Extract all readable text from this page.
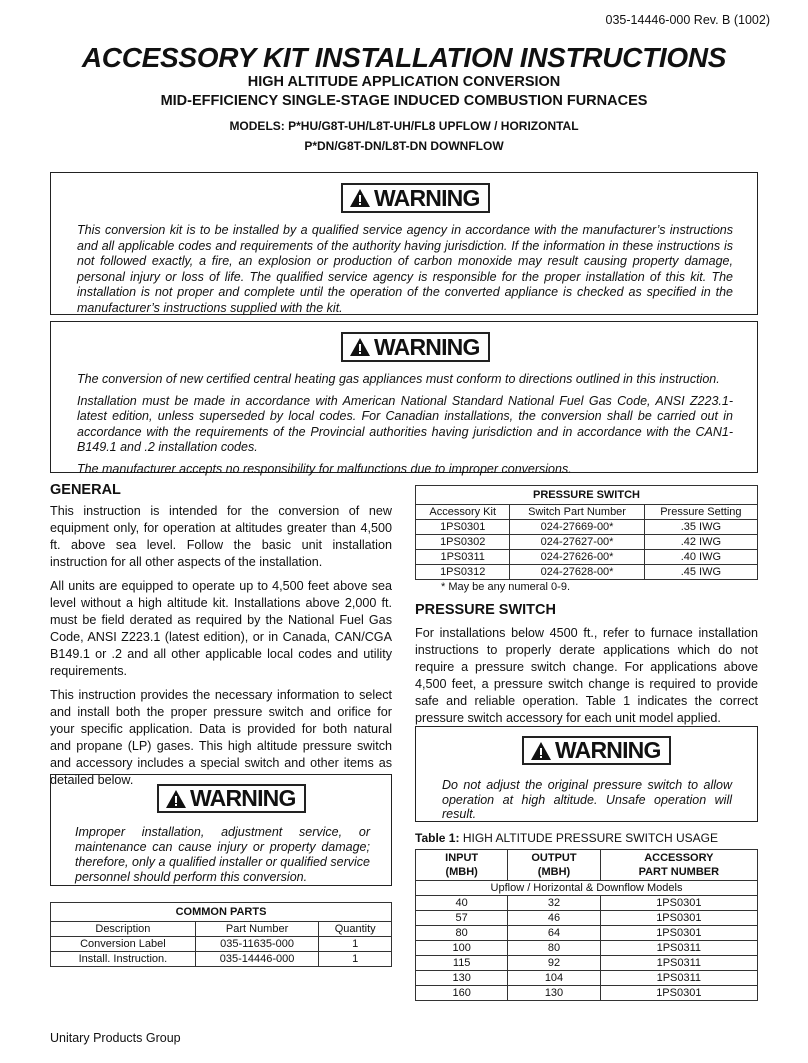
035-14446-000 Rev. B (1002)
ACCESSORY KIT INSTALLATION INSTRUCTIONS
HIGH ALTITUDE APPLICATION CONVERSION
MID-EFFICIENCY SINGLE-STAGE INDUCED COMBUSTION FURNACES
MODELS: P*HU/G8T-UH/L8T-UH/FL8 UPFLOW / HORIZONTAL
P*DN/G8T-DN/L8T-DN DOWNFLOW
WARNING
This conversion kit is to be installed by a qualified service agency in accordance with the manufacturer’s instructions and all applicable codes and requirements of the authority having jurisdiction. If the information in these instructions is not followed exactly, a fire, an explosion or production of carbon monoxide may result causing property damage, personal injury or loss of life. The qualified service agency is responsible for the proper installation of this kit. The installation is not proper and complete until the operation of the converted appliance is checked as specified in the manufacturer’s instructions supplied with the kit.
WARNING

The conversion of new certified central heating gas appliances must conform to directions outlined in this instruction.

Installation must be made in accordance with American National Standard National Fuel Gas Code, ANSI Z223.1-latest edition, unless superseded by local codes. For Canadian installations, the conversion shall be carried out in accordance with the requirements of the Provincial authorities having jurisdiction and in accordance with the CAN1-B149.1 and .2 installation codes.

The manufacturer accepts no responsibility for malfunctions due to improper conversions.

GENERAL

This instruction is intended for the conversion of new equipment only, for operation at altitudes greater than 4,500 ft. above sea level. Follow the basic unit installation instruction for all other aspects of the installation.

All units are equipped to operate up to 4,500 feet above sea level without a high altitude kit. Installations above 2,000 ft. must be field derated as required by the National Fuel Gas Code, ANSI Z223.1 (latest edition), or in Canada, CAN/CGA B149.1 or .2 and all other applicable local codes and utility requirements.

This instruction provides the necessary information to select and install both the proper pressure switch and orifice for your specific application. Data is provided for both natural and propane (LP) gases. This high altitude pressure switch and accessory includes a special switch and other items as detailed below.

WARNING
Improper installation, adjustment service, or maintenance can cause injury or property damage; therefore, only a qualified installer or qualified service personnel should perform this conversion.
COMMON PARTS		
Description	Part Number	Quantity
Conversion Label	035-11635-000	1
Install. Instruction.	035-14446-000	1
PRESSURE SWITCH		
Accessory Kit	Switch Part Number	Pressure Setting
1PS0301	024-27669-00*	.35 IWG
1PS0302	024-27627-00*	.42 IWG
1PS0311	024-27626-00*	.40 IWG
1PS0312	024-27628-00*	.45 IWG
* May be any numeral 0-9.
PRESSURE SWITCH
For installations below 4500 ft., refer to furnace installation instructions to properly derate applications which do not require a pressure switch change. For applications above 4,500 feet, a pressure switch change is required to provide safe and reliable operation. Table 1 indicates the correct pressure switch accessory for each unit model applied.
WARNING
Do not adjust the original pressure switch to allow operation at high altitude. Unsafe operation will result.
Table 1: HIGH ALTITUDE PRESSURE SWITCH USAGE
INPUT
(MBH)	OUTPUT
(MBH)	ACCESSORY
PART NUMBER
Upflow / Horizontal & Downflow Models		
40	32	1PS0301
57	46	1PS0301
80	64	1PS0301
100	80	1PS0311
115	92	1PS0311
130	104	1PS0311
160	130	1PS0301
Unitary Products Group
